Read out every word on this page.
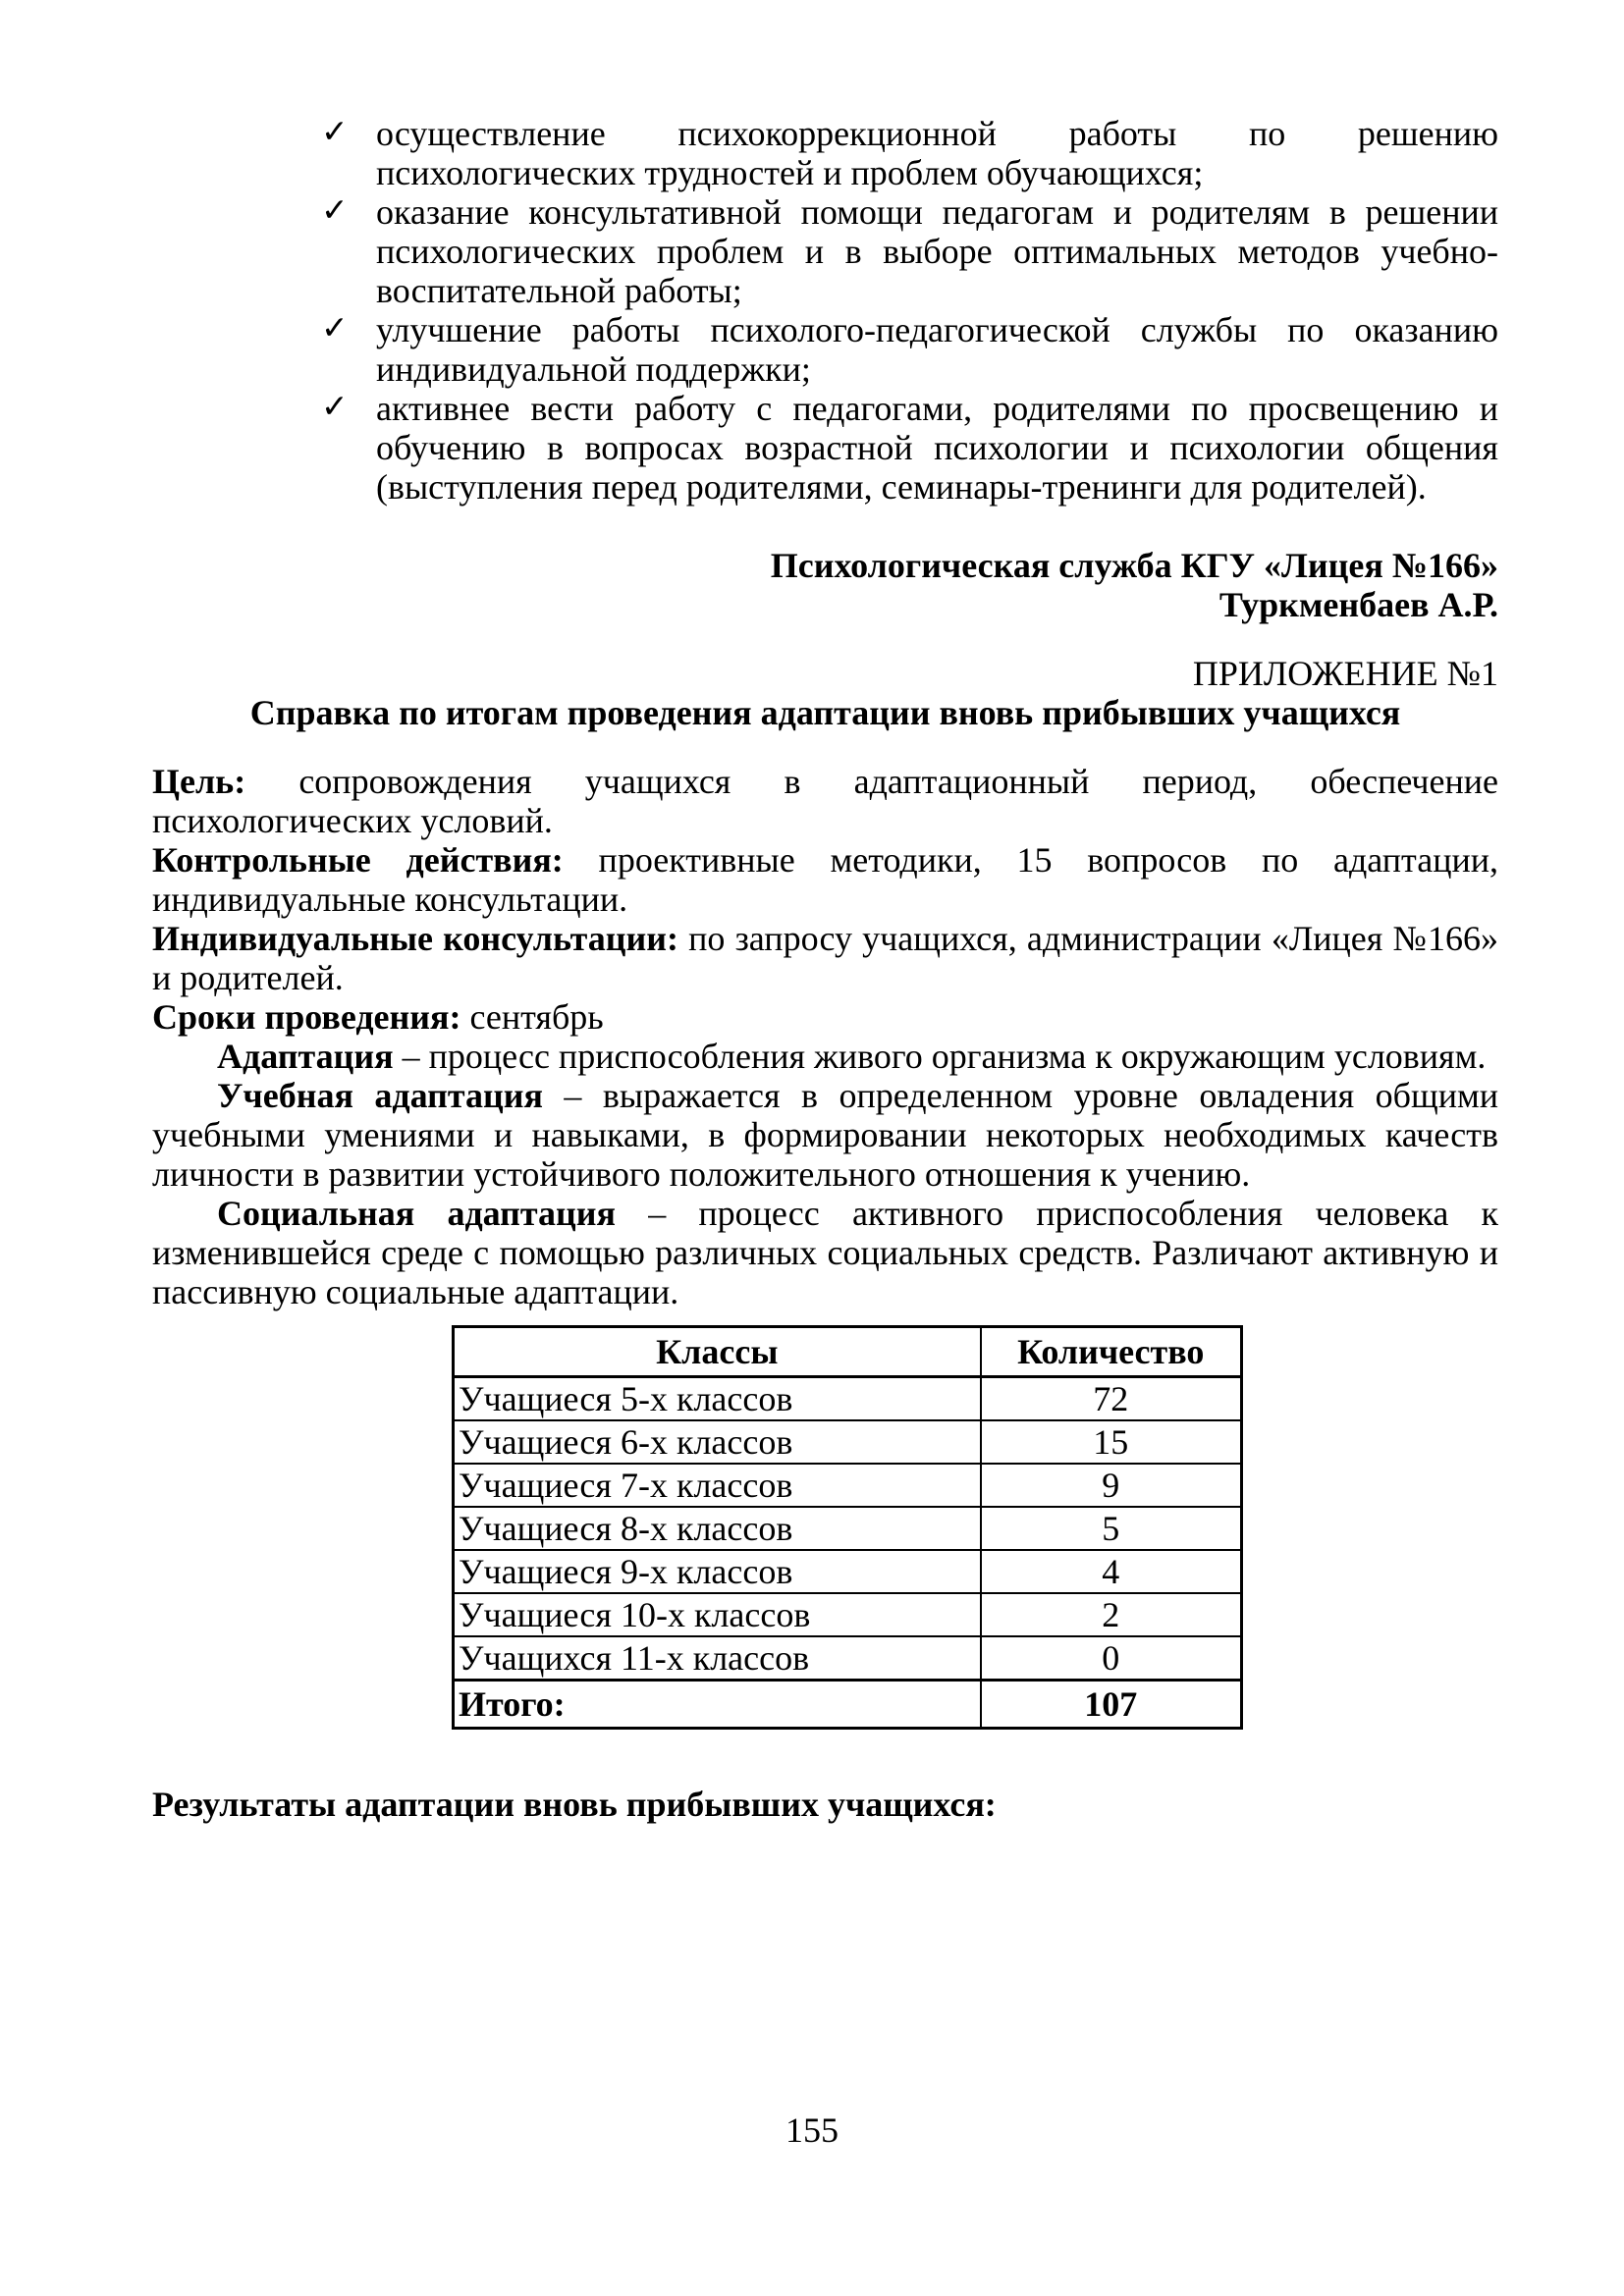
✓ осуществление психокоррекционной работы по решению психологических трудностей и проблем обучающихся;
✓ оказание консультативной помощи педагогам и родителям в решении психологических проблем и в выборе оптимальных методов учебно-воспитательной работы;
✓ улучшение работы психолого-педагогической службы по оказанию индивидуальной поддержки;
✓ активнее вести работу с педагогами, родителями по просвещению и обучению в вопросах возрастной психологии и психологии общения (выступления перед родителями, семинары-тренинги для родителей).
Психологическая служба КГУ «Лицея №166»
Туркменбаев А.Р.
ПРИЛОЖЕНИЕ №1
Справка по итогам проведения адаптации вновь прибывших учащихся

Цель: сопровождения учащихся в адаптационный период, обеспечение психологических условий.

Контрольные действия: проективные методики, 15 вопросов по адаптации, индивидуальные консультации.

Индивидуальные консультации: по запросу учащихся, администрации «Лицея №166» и родителей.

Сроки проведения: сентябрь

Адаптация – процесс приспособления живого организма к окружающим условиям.

Учебная адаптация – выражается в определенном уровне овладения общими учебными умениями и навыками, в формировании некоторых необходимых качеств личности в развитии устойчивого положительного отношения к учению.

Социальная адаптация – процесс активного приспособления человека к изменившейся среде с помощью различных социальных средств. Различают активную и пассивную социальные адаптации.

Классы	Количество
Учащиеся 5-х классов	72
Учащиеся 6-х классов	15
Учащиеся 7-х классов	9
Учащиеся 8-х классов	5
Учащиеся 9-х классов	4
Учащиеся 10-х классов	2
Учащихся 11-х классов	0
Итого:	107
Результаты адаптации вновь прибывших учащихся:
155
